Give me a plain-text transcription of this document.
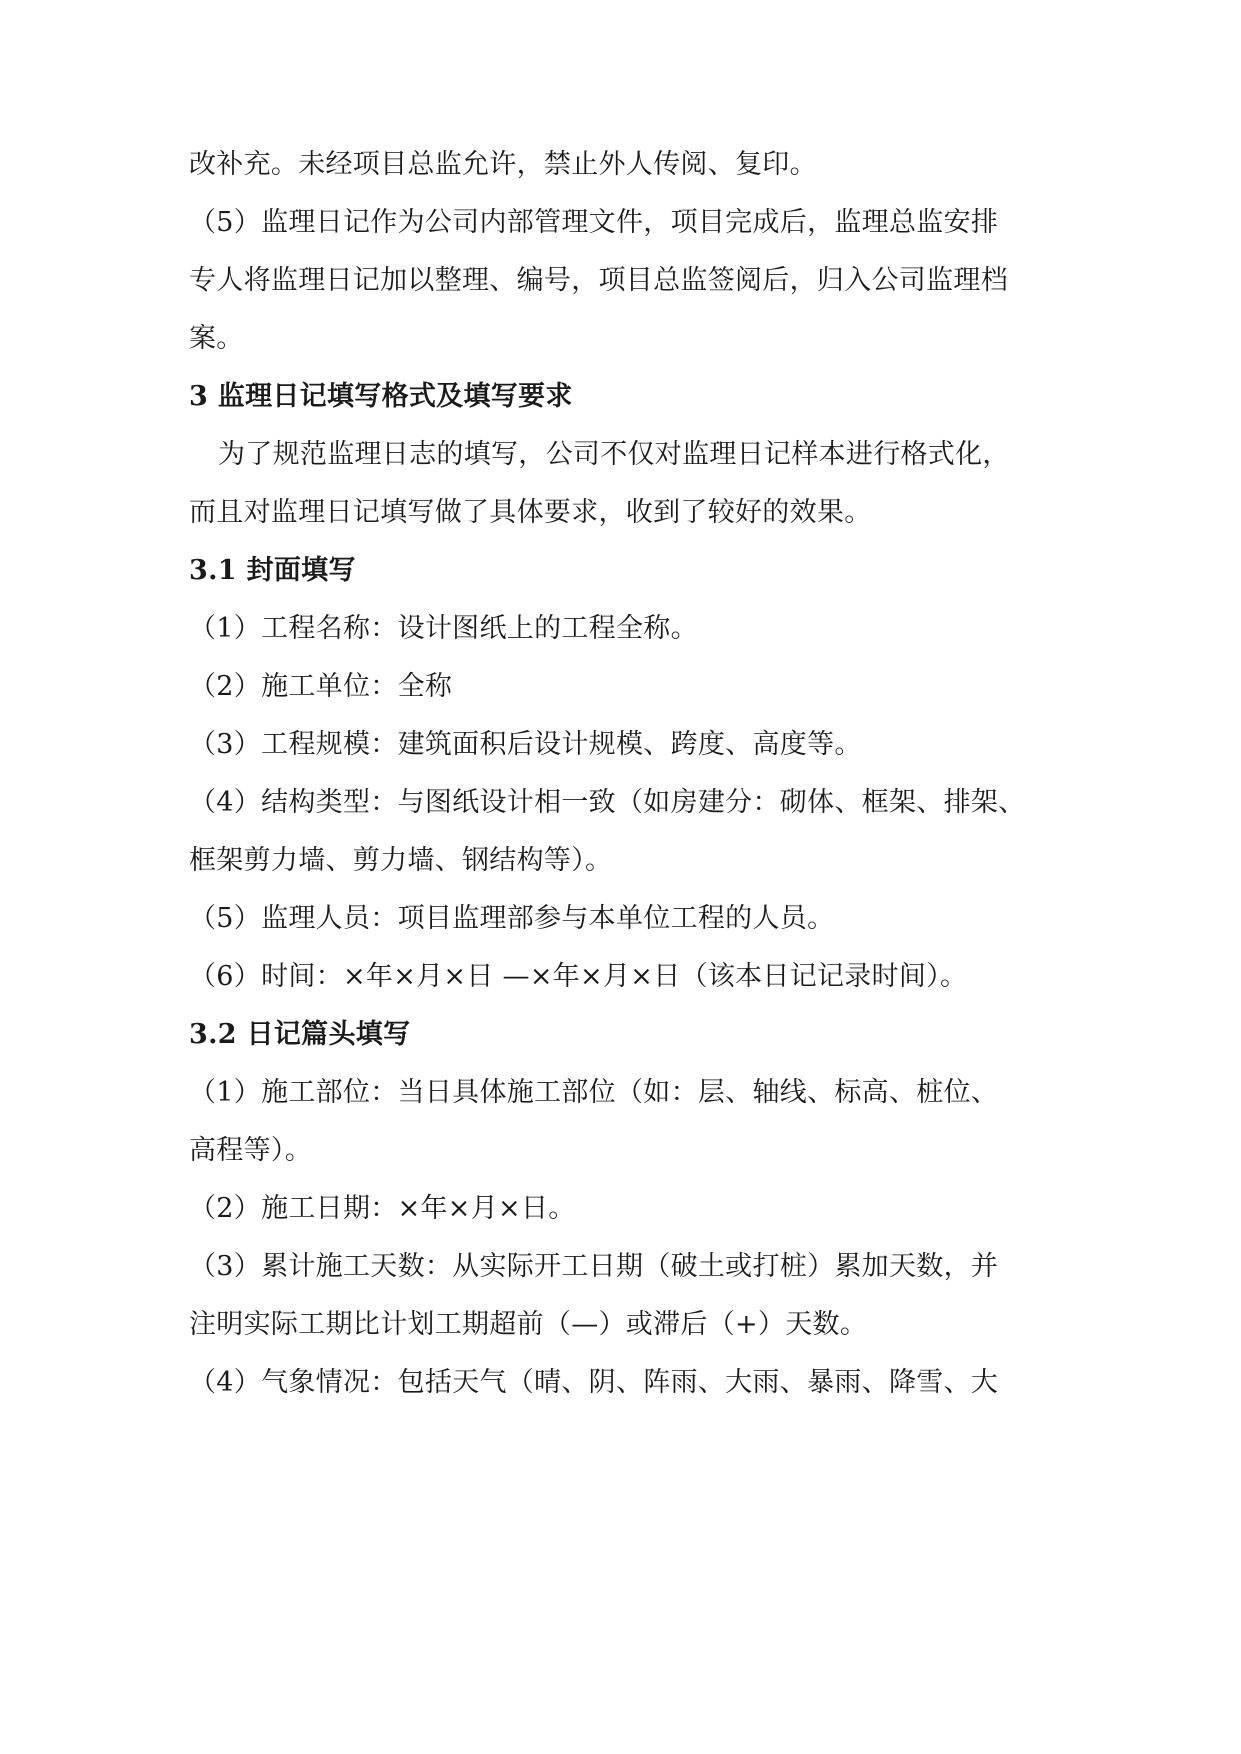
改补充。未经项目总监允许，禁止外人传阅、复印。
（5）监理日记作为公司内部管理文件，项目完成后，监理总监安排
专人将监理日记加以整理、编号，项目总监签阅后，归入公司监理档
案。
3 监理日记填写格式及填写要求
为了规范监理日志的填写，公司不仅对监理日记样本进行格式化，
而且对监理日记填写做了具体要求，收到了较好的效果。
3.1 封面填写
（1）工程名称：设计图纸上的工程全称。
（2）施工单位：全称
（3）工程规模：建筑面积后设计规模、跨度、高度等。
（4）结构类型：与图纸设计相一致（如房建分：砌体、框架、排架、
框架剪力墙、剪力墙、钢结构等）。
（5）监理人员：项目监理部参与本单位工程的人员。
（6）时间：×年×月×日 —×年×月×日（该本日记记录时间）。
3.2 日记篇头填写
（1）施工部位：当日具体施工部位（如：层、轴线、标高、桩位、
高程等）。
（2）施工日期：×年×月×日。
（3）累计施工天数：从实际开工日期（破土或打桩）累加天数，并
注明实际工期比计划工期超前（—）或滞后（+）天数。
（4）气象情况：包括天气（晴、阴、阵雨、大雨、暴雨、降雪、大
